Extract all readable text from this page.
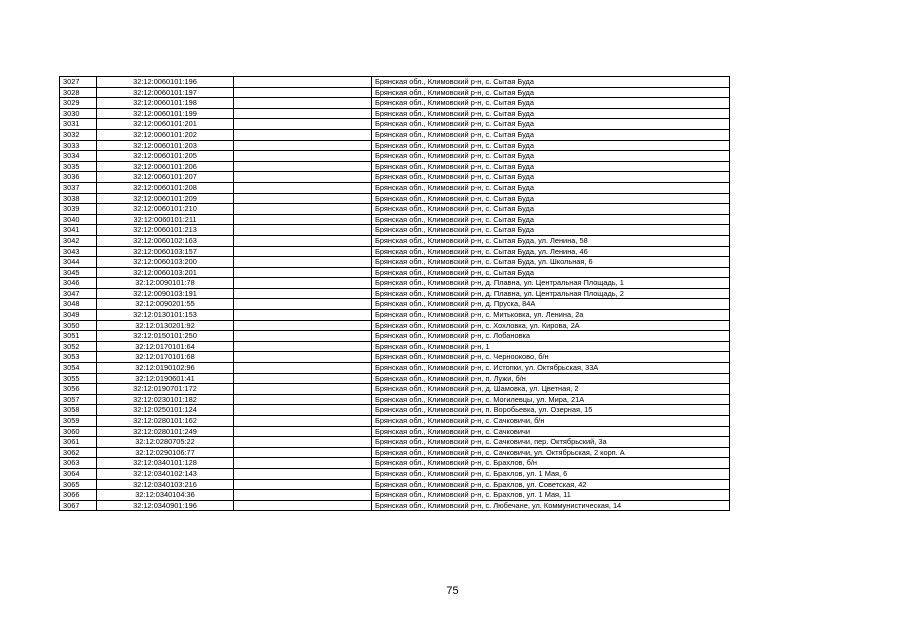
3027	32:12:0060101:196		Брянская обл., Климовский р-н, с. Сытая Буда
3028	32:12:0060101:197		Брянская обл., Климовский р-н, с. Сытая Буда
3029	32:12:0060101:198		Брянская обл., Климовский р-н, с. Сытая Буда
3030	32:12:0060101:199		Брянская обл., Климовский р-н, с. Сытая Буда
3031	32:12:0060101:201		Брянская обл., Климовский р-н, с. Сытая Буда
3032	32:12:0060101:202		Брянская обл., Климовский р-н, с. Сытая Буда
3033	32:12:0060101:203		Брянская обл., Климовский р-н, с. Сытая Буда
3034	32:12:0060101:205		Брянская обл., Климовский р-н, с. Сытая Буда
3035	32:12:0060101:206		Брянская обл., Климовский р-н, с. Сытая Буда
3036	32:12:0060101:207		Брянская обл., Климовский р-н, с. Сытая Буда
3037	32:12:0060101:208		Брянская обл., Климовский р-н, с. Сытая Буда
3038	32:12:0060101:209		Брянская обл., Климовский р-н, с. Сытая Буда
3039	32:12:0060101:210		Брянская обл., Климовский р-н, с. Сытая Буда
3040	32:12:0060101:211		Брянская обл., Климовский р-н, с. Сытая Буда
3041	32:12:0060101:213		Брянская обл., Климовский р-н, с. Сытая Буда
3042	32:12:0060102:163		Брянская обл., Климовский р-н, с. Сытая Буда, ул. Ленина, 58
3043	32:12:0060103:157		Брянская обл., Климовский р-н, с. Сытая Буда, ул. Ленина, 46
3044	32:12:0060103:200		Брянская обл., Климовский р-н, с. Сытая Буда, ул. Школьная, 6
3045	32:12:0060103:201		Брянская обл., Климовский р-н, с. Сытая Буда
3046	32:12:0090101:78		Брянская обл., Климовский р-н, д. Плавна, ул. Центральная Площадь, 1
3047	32:12:0090103:191		Брянская обл., Климовский р-н, д. Плавна, ул. Центральная Площадь, 2
3048	32:12:0090201:55		Брянская обл., Климовский р-н, д. Пруска, 84А
3049	32:12:0130101:153		Брянская обл., Климовский р-н, с. Митьковка, ул. Ленина, 2а
3050	32:12:0130201:92		Брянская обл., Климовский р-н, с. Хохловка, ул. Кирова, 2А
3051	32:12:0150101:250		Брянская обл., Климовский р-н, с. Лобановка
3052	32:12:0170101:64		Брянская обл., Климовский р-н, 1
3053	32:12:0170101:68		Брянская обл., Климовский р-н, с. Чернооково, б/н
3054	32:12:0190102:96		Брянская обл., Климовский р-н, с. Истопки, ул. Октябрьская, 33А
3055	32:12:0190601:41		Брянская обл., Климовский р-н, п. Лужи, б/н
3056	32:12:0190701:172		Брянская обл., Климовский р-н, д. Шамовка, ул. Цветная, 2
3057	32:12:0230101:182		Брянская обл., Климовский р-н, с. Могилевцы, ул. Мира, 21А
3058	32:12:0250101:124		Брянская обл., Климовский р-н, п. Воробьевка, ул. Озерная, 15
3059	32:12:0280101:162		Брянская обл., Климовский р-н, с. Сачковичи, б/н
3060	32:12:0280101:249		Брянская обл., Климовский р-н, с. Сачковичи
3061	32:12:0280705:22		Брянская обл., Климовский р-н, с. Сачковичи, пер. Октябрьский, 3а
3062	32:12:0290106:77		Брянская обл., Климовский р-н, с. Сачковичи, ул. Октябрьская, 2 корп. А
3063	32:12:0340101:128		Брянская обл., Климовский р-н, с. Брахлов, б/н
3064	32:12:0340102:143		Брянская обл., Климовский р-н, с. Брахлов, ул. 1 Мая, 6
3065	32:12:0340103:216		Брянская обл., Климовский р-н, с. Брахлов, ул. Советская, 42
3066	32:12:0340104:36		Брянская обл., Климовский р-н, с. Брахлов, ул. 1 Мая, 11
3067	32:12:0340901:196		Брянская обл., Климовский р-н, с. Любечане, ул. Коммунистическая, 14
75
